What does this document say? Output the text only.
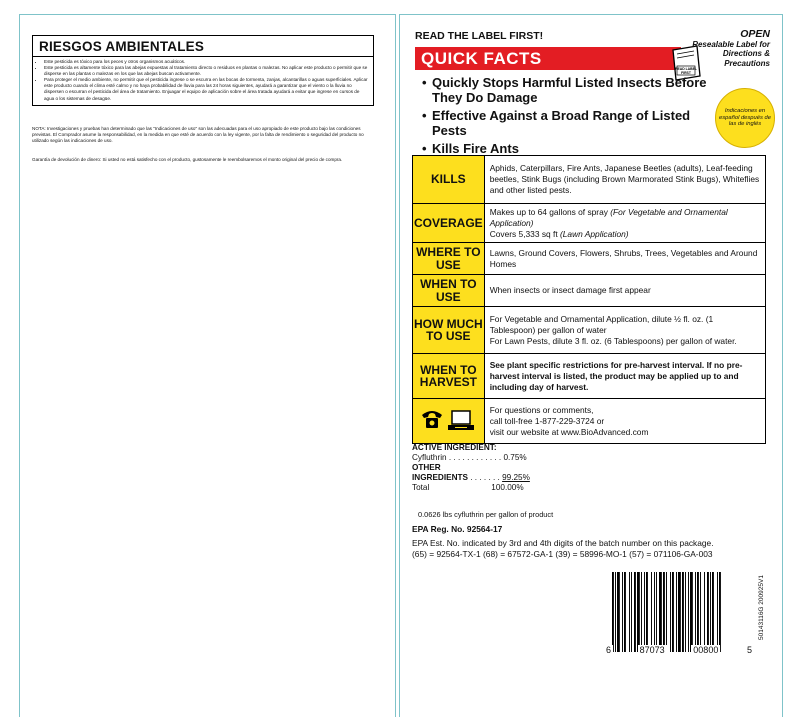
RIESGOS AMBIENTALES
• Este pesticida es tóxico para los peces y otros organismos acuáticos.
• Este pesticida es altamente tóxico para las abejas expuestas al tratamiento directo o residuos en plantas o malezas. No aplicar este producto o permitir que se disperse en las plantas o malezas en los que las abejas buscan activamente.
• Para proteger el medio ambiente, no permitir que el pesticida ingrese o se escurra en las bocas de tormenta, zanjas, alcantarillas o aguas superficiales. Aplicar este producto cuando el clima esté calmo y no haya probabilidad de lluvia para las 24 horas siguientes, ayudará a garantizar que el viento o la lluvia no dispersen o escurran el pesticida del área de tratamiento. Enjuagar el equipo de aplicación sobre el área tratada ayudará a evitar que ingrese en cursos de agua o los sistemas de desagüe.
NOTA: Investigaciones y pruebas han determinado que las "Indicaciones de uso" son las adecuadas para el uso apropiado de este producto bajo las condiciones previstas. El Comprador asume la responsabilidad, en la medida en que esté de acuerdo con la ley vigente, por la falta de rendimiento o seguridad del producto no utilizado según las indicaciones de uso.
Garantía de devolución de dinero: Si usted no está satisfecho con el producto, gustosamente le reembolsaremos el monto original del precio de compra.
READ THE LABEL FIRST!
QUICK FACTS
READ LABEL
FIRST
OPEN
Resealable Label for Directions & Precautions
Indicaciones en español después de las de inglés
• Quickly Stops Harmful Listed Insects Before They Do Damage
• Effective Against a Broad Range of Listed Pests
• Kills Fire Ants
KILLS	Aphids, Caterpillars, Fire Ants, Japanese Beetles (adults), Leaf-feeding beetles, Stink Bugs (including Brown Marmorated Stink Bugs), Whiteflies and other listed pests.
COVERAGE	Makes up to 64 gallons of spray (For Vegetable and Ornamental Application)
Covers 5,333 sq ft (Lawn Application)
WHERE TO USE	Lawns, Ground Covers, Flowers, Shrubs, Trees, Vegetables and Around Homes
WHEN TO USE	When insects or insect damage first appear
HOW MUCH TO USE	For Vegetable and Ornamental Application, dilute ½ fl. oz. (1 Tablespoon) per gallon of water
For Lawn Pests, dilute 3 fl. oz. (6 Tablespoons) per gallon of water.

WHEN TO HARVEST	See plant specific restrictions for pre-harvest interval. If no pre-harvest interval is listed, the product may be applied up to and including day of harvest.

For questions or comments,
call toll-free 1-877-229-3724 or
visit our website at www.BioAdvanced.com
ACTIVE INGREDIENT:
Cyfluthrin . . . . . . . . . . . . 0.75%
OTHER
INGREDIENTS . . . . . . . 99.25%
Total	100.00%
0.0626 lbs cyfluthrin per gallon of product
EPA Reg. No. 92564-17
EPA Est. No. indicated by 3rd and 4th digits of the batch number on this package.
(65) = 92564-TX-1 (68) = 67572-GA-1 (39) = 58996-MO-1 (57) = 071106-GA-003
6	87073	00800	5
50143116G 200925V1
